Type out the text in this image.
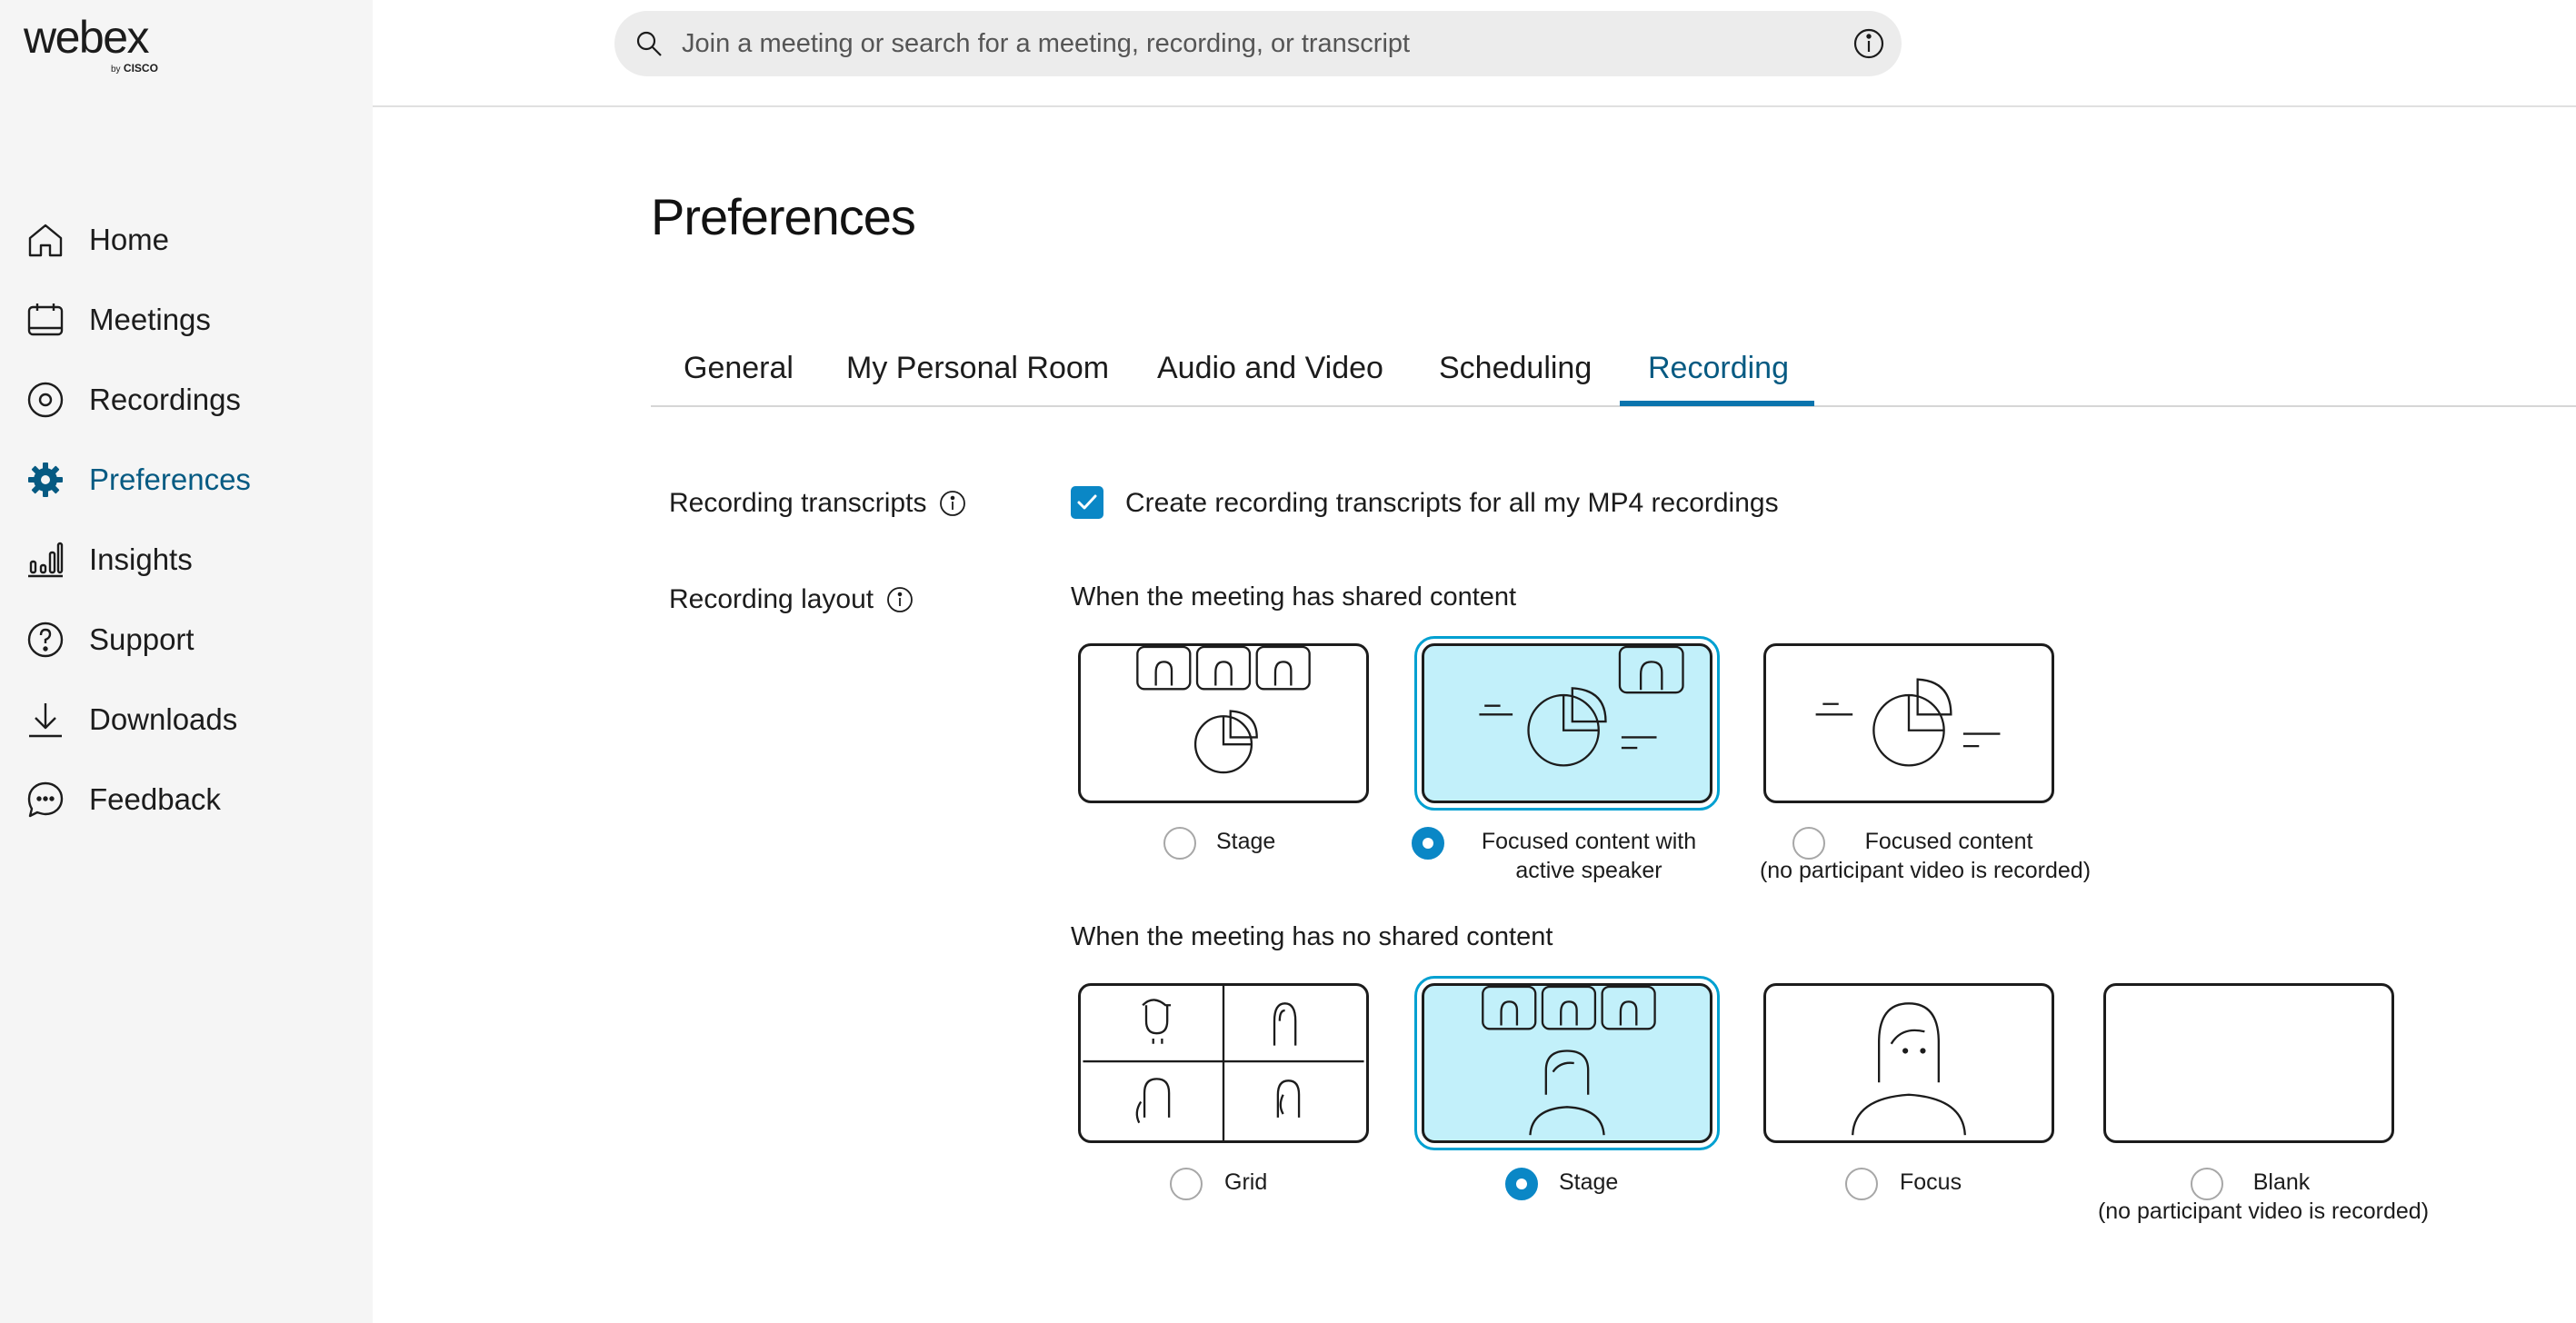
webex
by CISCO
Home
Meetings
Recordings
Preferences
Insights
Support
Downloads
Feedback
Join a meeting or search for a meeting, recording, or transcript
Preferences
General My Personal Room Audio and Video Scheduling Recording
Recording transcripts	Create recording transcripts for all my MP4 recordings
Recording layout	When the meeting has shared content
Stage	Focused content with
active speaker
Focused content
(no participant video is recorded)
When the meeting has no shared content
Grid	Stage	Focus	Blank
(no participant video is recorded)
